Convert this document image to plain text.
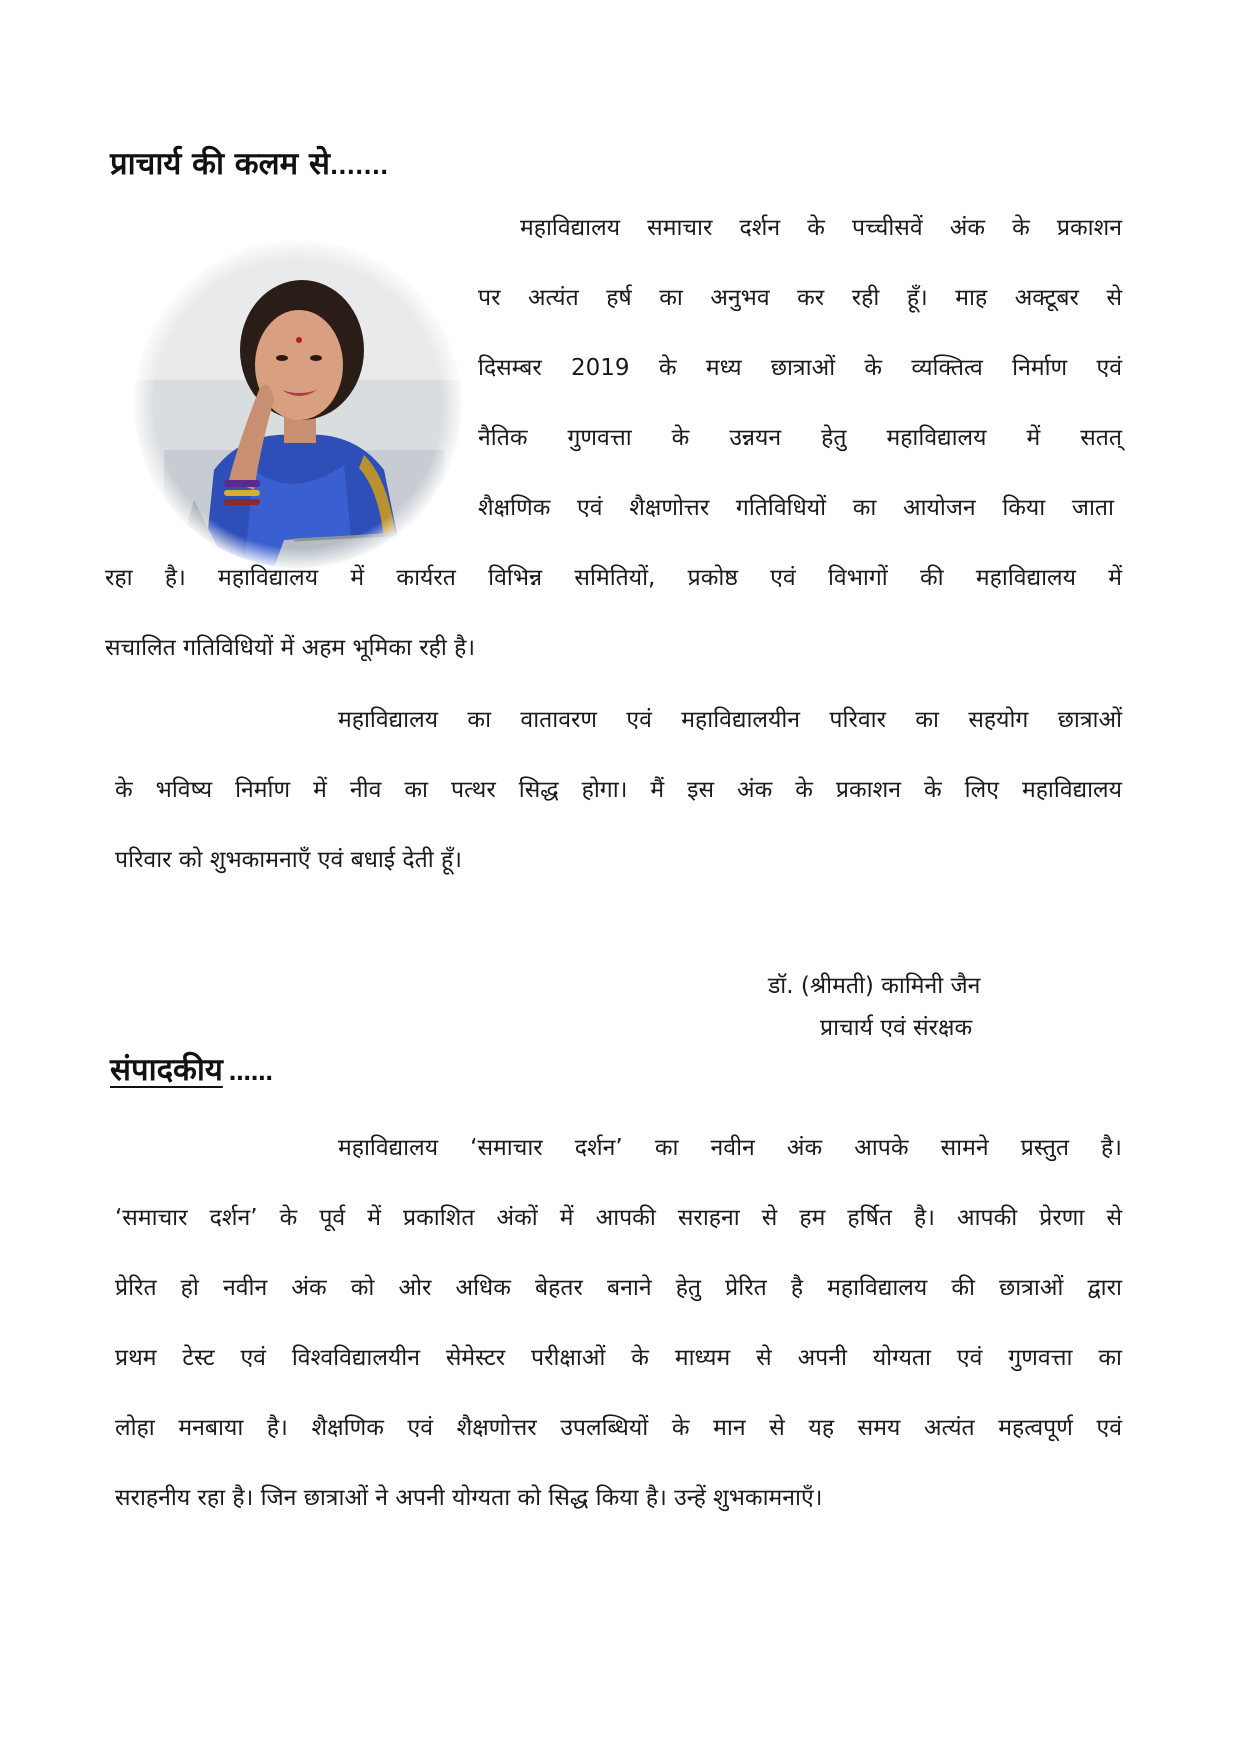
प्राचार्य की कलम से.......
महाविद्यालय समाचार दर्शन के पच्चीसवें अंक के प्रकाशन
पर अत्यंत हर्ष का अनुभव कर रही हूँ। माह अक्टूबर से
दिसम्बर 2019 के मध्य छात्राओं के व्यक्तित्व निर्माण एवं
नैतिक गुणवत्ता के उन्नयन हेतु महाविद्यालय में सतत्
शैक्षणिक एवं शैक्षणोत्तर गतिविधियों का आयोजन किया जाता
रहा है। महाविद्यालय में कार्यरत विभिन्न समितियों, प्रकोष्ठ एवं विभागों की महाविद्यालय में
सचालित गतिविधियों में अहम भूमिका रही है।
महाविद्यालय का वातावरण एवं महाविद्यालयीन परिवार का सहयोग छात्राओं
के भविष्य निर्माण में नीव का पत्थर सिद्ध होगा। मैं इस अंक के प्रकाशन के लिए महाविद्यालय
परिवार को शुभकामनाएँ एवं बधाई देती हूँ।

डॉ. (श्रीमती) कामिनी जैन

प्राचार्य एवं संरक्षक

संपादकीय ……
महाविद्यालय ‘समाचार दर्शन’ का नवीन अंक आपके सामने प्रस्तुत है।
‘समाचार दर्शन’ के पूर्व में प्रकाशित अंकों में आपकी सराहना से हम हर्षित है। आपकी प्रेरणा से
प्रेरित हो नवीन अंक को ओर अधिक बेहतर बनाने हेतु प्रेरित है महाविद्यालय की छात्राओं द्वारा
प्रथम टेस्ट एवं विश्वविद्यालयीन सेमेस्टर परीक्षाओं के माध्यम से अपनी योग्यता एवं गुणवत्ता का
लोहा मनबाया है। शैक्षणिक एवं शैक्षणोत्तर उपलब्धियों के मान से यह समय अत्यंत महत्वपूर्ण एवं
सराहनीय रहा है। जिन छात्राओं ने अपनी योग्यता को सिद्ध किया है। उन्हें शुभकामनाएँ।
